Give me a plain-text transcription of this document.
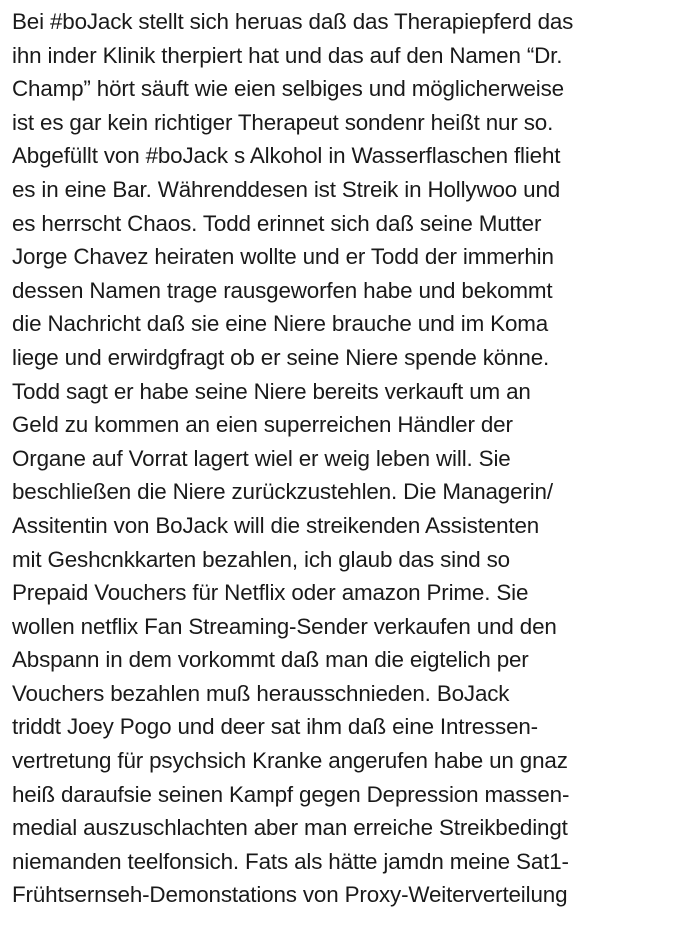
Bei #boJack stellt sich heruas daß das Therapiepferd das
ihn inder Klinik therpiert hat und das auf den Namen “Dr.
Champ” hört säuft wie eien selbiges und möglicherweise
ist es gar kein richtiger Therapeut sondenr heißt nur so.
Abgefüllt von #boJack s Alkohol in Wasserflaschen flieht
es in eine Bar. Währenddesen ist Streik in Hollywoo und
es herrscht Chaos. Todd erinnet sich daß seine Mutter
Jorge Chavez heiraten wollte und er Todd der immerhin
dessen Namen trage rausgeworfen habe und bekommt
die Nachricht daß sie eine Niere brauche und im Koma
liege und erwirdgfragt ob er seine Niere spende könne.
Todd sagt er habe seine Niere bereits verkauft um an
Geld zu kommen an eien superreichen Händler der
Organe auf Vorrat lagert wiel er weig leben will. Sie
beschließen die Niere zurückzustehlen. Die Managerin/
Assitentin von BoJack will die streikenden Assistenten
mit Geshcnkkarten bezahlen, ich glaub das sind so
Prepaid Vouchers für Netflix oder amazon Prime. Sie
wollen netflix Fan Streaming-Sender verkaufen und den
Abspann in dem vorkommt daß man die eigtelich per
Vouchers bezahlen muß herausschnieden. BoJack
triddt Joey Pogo und deer sat ihm daß eine Intressen-
vertretung für psychsich Kranke angerufen habe un gnaz
heiß daraufsie seinen Kampf gegen Depression massen-
medial auszuschlachten aber man erreiche Streikbedingt
niemanden teelfonsich. Fats als hätte jamdn meine Sat1-
Frühtsernseh-Demonstations von Proxy-Weiterverteilung
